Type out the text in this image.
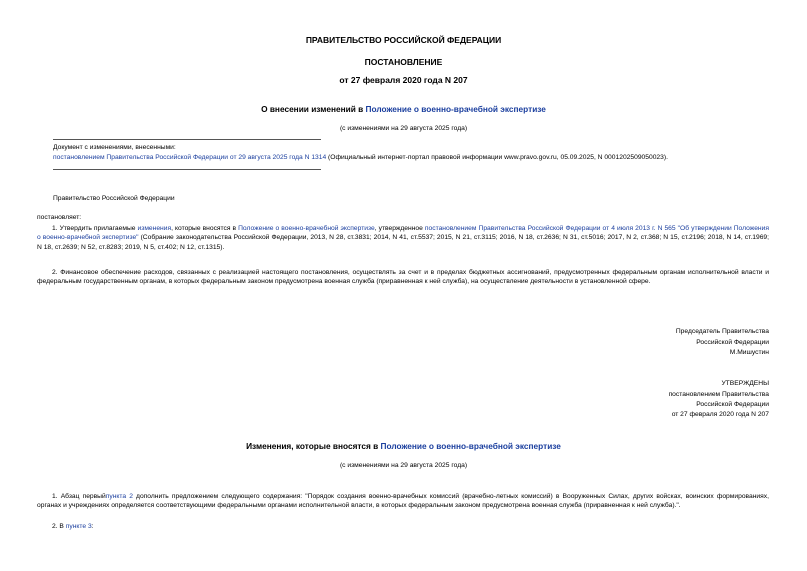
ПРАВИТЕЛЬСТВО РОССИЙСКОЙ ФЕДЕРАЦИИ
ПОСТАНОВЛЕНИЕ
от 27 февраля 2020 года N 207
О внесении изменений в Положение о военно-врачебной экспертизе
(с изменениями на 29 августа 2025 года)
Документ с изменениями, внесенными:
постановлением Правительства Российской Федерации от 29 августа 2025 года N 1314 (Официальный интернет-портал правовой информации www.pravo.gov.ru, 05.09.2025, N 0001202509050023).
Правительство Российской Федерации
постановляет:
1. Утвердить прилагаемые изменения, которые вносятся в Положение о военно-врачебной экспертизе, утвержденное постановлением Правительства Российской Федерации от 4 июля 2013 г. N 565 "Об утверждении Положения о военно-врачебной экспертизе" (Собрание законодательства Российской Федерации, 2013, N 28, ст.3831; 2014, N 41, ст.5537; 2015, N 21, ст.3115; 2016, N 18, ст.2636; N 31, ст.5016; 2017, N 2, ст.368; N 15, ст.2196; 2018, N 14, ст.1969; N 18, ст.2639; N 52, ст.8283; 2019, N 5, ст.402; N 12, ст.1315).
2. Финансовое обеспечение расходов, связанных с реализацией настоящего постановления, осуществлять за счет и в пределах бюджетных ассигнований, предусмотренных федеральным органам исполнительной власти и федеральным государственным органам, в которых федеральным законом предусмотрена военная служба (приравненная к ней служба), на осуществление деятельности в установленной сфере.
Председатель Правительства
Российской Федерации
М.Мишустин
УТВЕРЖДЕНЫ
постановлением Правительства
Российской Федерации
от 27 февраля 2020 года N 207
Изменения, которые вносятся в Положение о военно-врачебной экспертизе
(с изменениями на 29 августа 2025 года)
1. Абзац первыйпункта 2 дополнить предложением следующего содержания: "Порядок создания военно-врачебных комиссий (врачебно-летных комиссий) в Вооруженных Силах, других войсках, воинских формированиях, органах и учреждениях определяется соответствующими федеральными органами исполнительной власти, в которых федеральным законом предусмотрена военная служба (приравненная к ней служба).".
2. В пункте 3:
